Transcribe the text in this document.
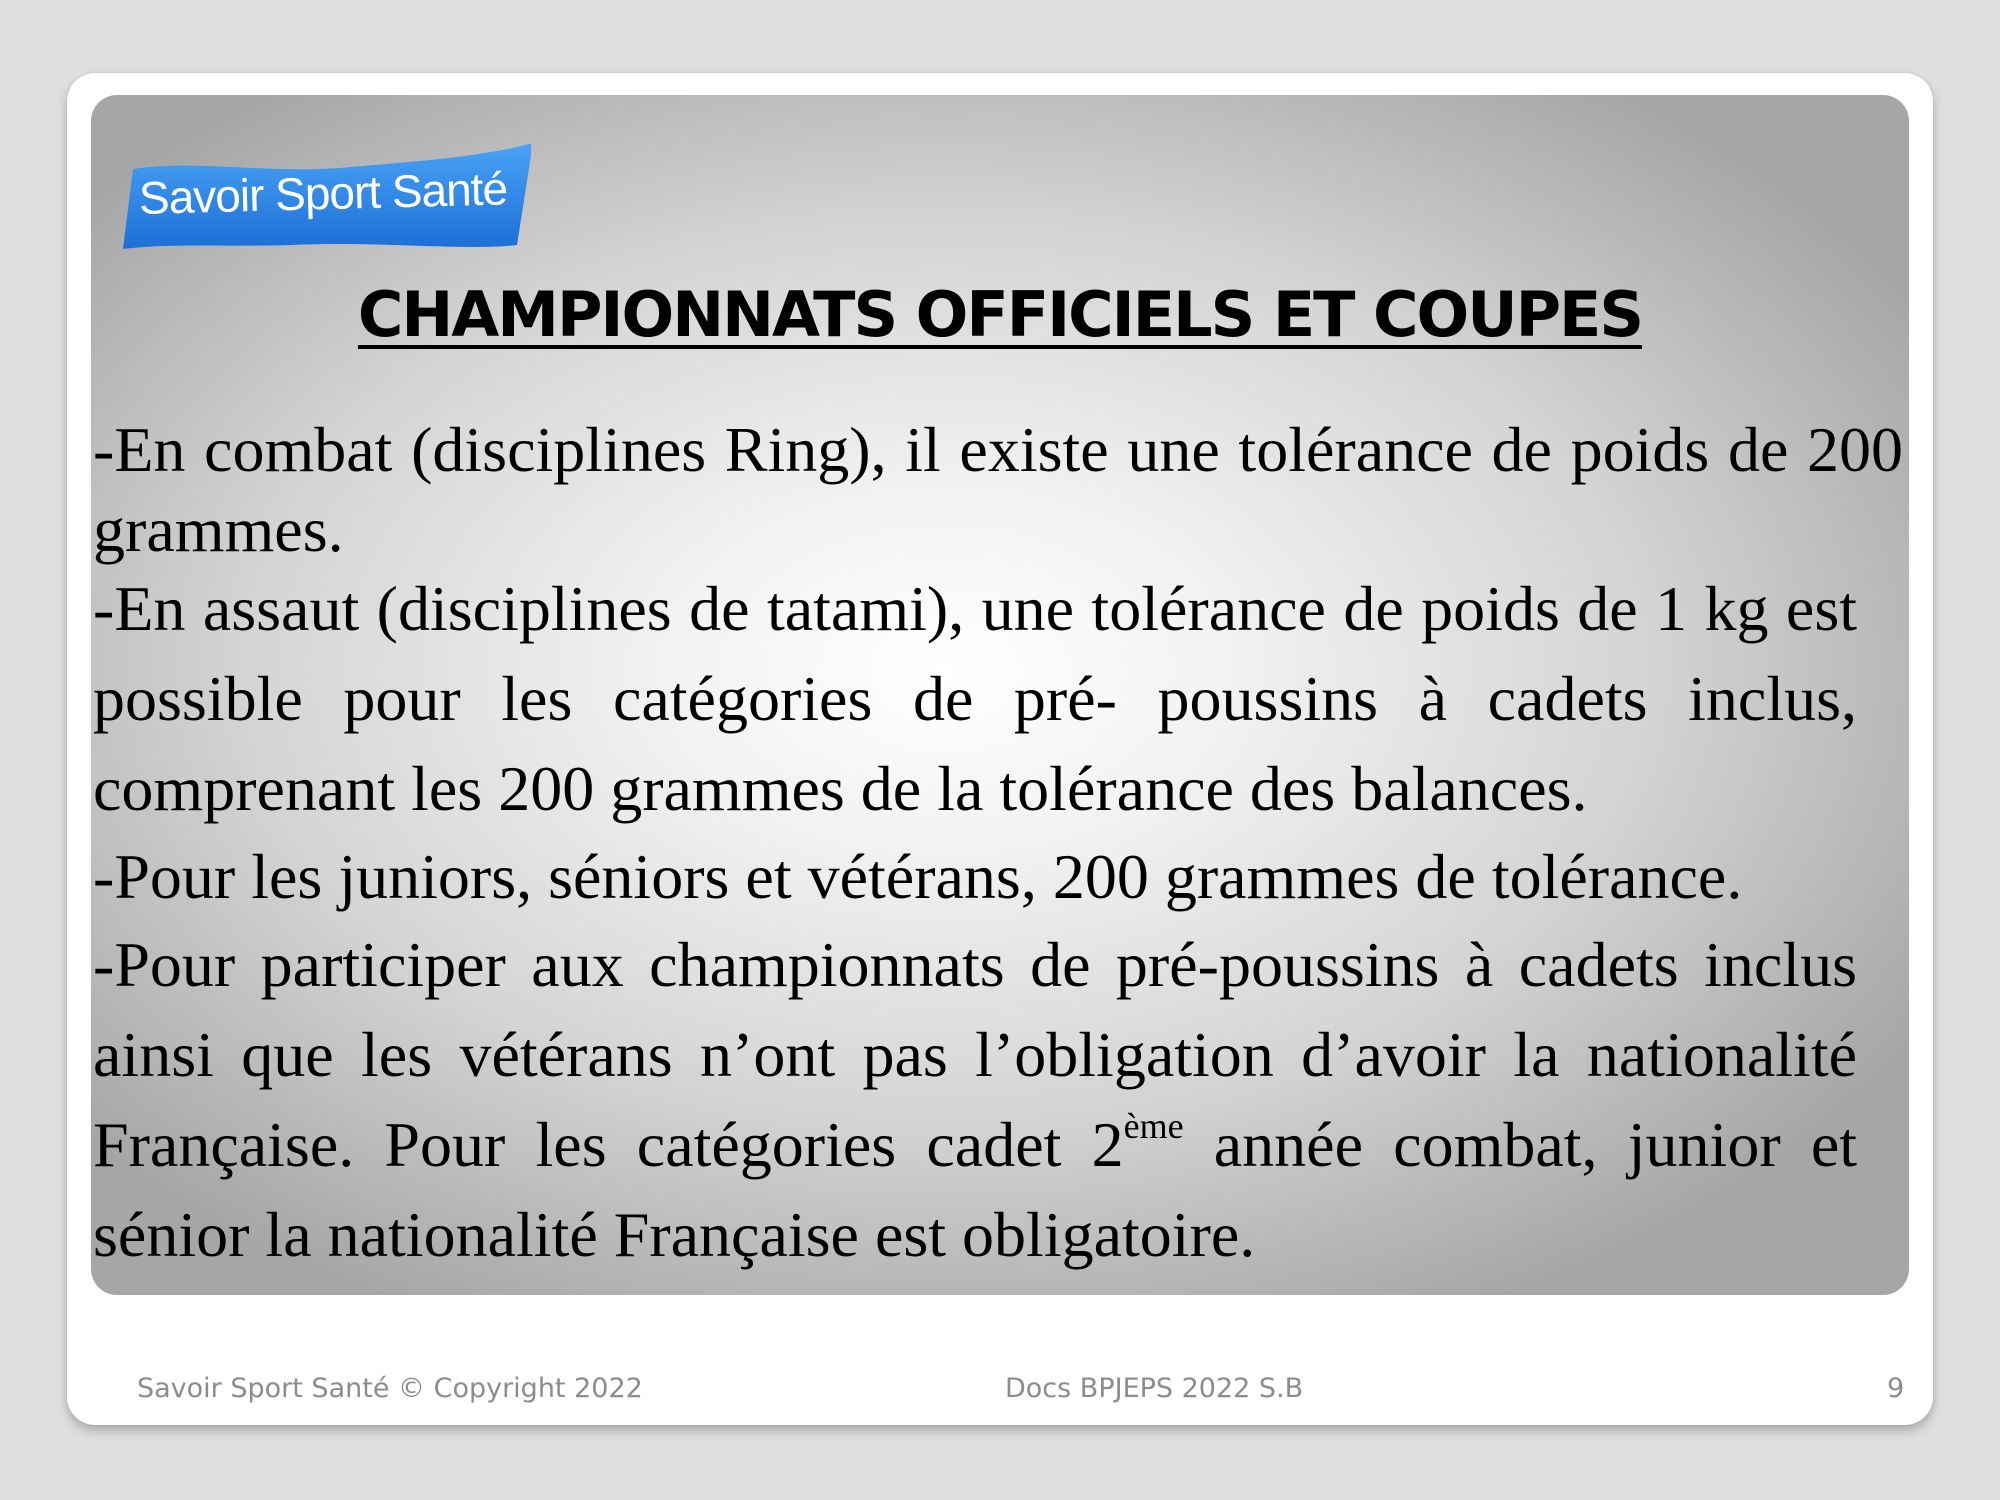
Savoir Sport Santé
CHAMPIONNATS OFFICIELS ET COUPES

-En combat (disciplines Ring), il existe une tolérance de poids de 200 grammes.

-En assaut (disciplines de tatami), une tolérance de poids de 1 kg est possible pour les catégories de pré- poussins à cadets inclus, comprenant les 200 grammes de la tolérance des balances.

-Pour les juniors, séniors et vétérans, 200 grammes de tolérance.

-Pour participer aux championnats de pré-poussins à cadets inclus ainsi que les vétérans n’ont pas l’obligation d’avoir la nationalité Française. Pour les catégories cadet 2ème année combat, junior et sénior la nationalité Française est obligatoire.

Savoir Sport Santé © Copyright 2022	Docs BPJEPS 2022 S.B	9
